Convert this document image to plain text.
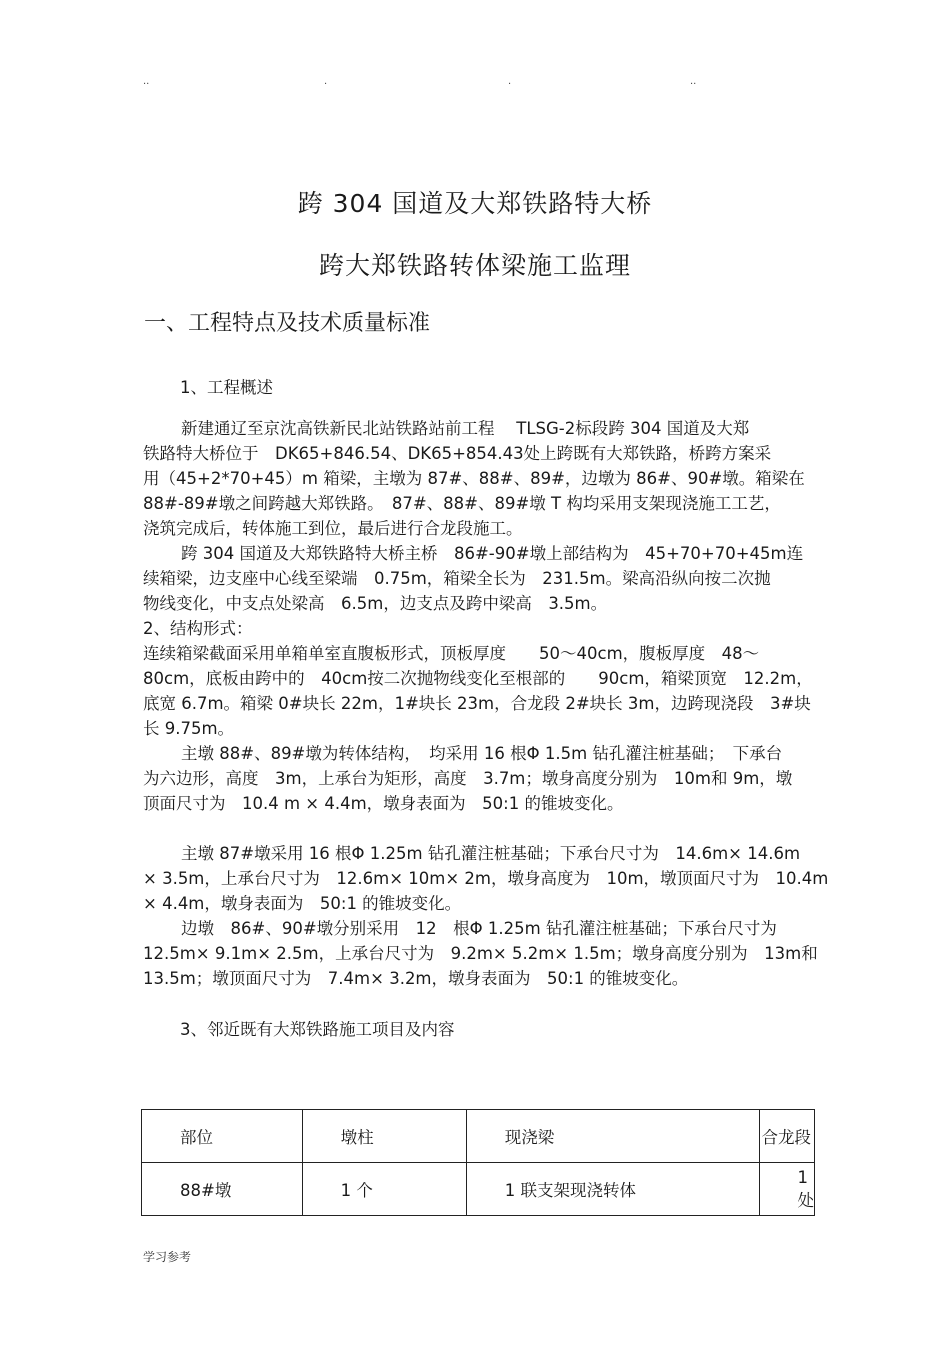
..	.	.	..
跨 304 国道及大郑铁路特大桥
跨大郑铁路转体梁施工监理
一、工程特点及技术质量标准
1、工程概述

新建通辽至京沈高铁新民北站铁路站前工程　 TLSG-2标段跨 304 国道及大郑
铁路特大桥位于　DK65+846.54、DK65+854.43处上跨既有大郑铁路，桥跨方案采
用（45+2*70+45）m 箱梁，主墩为 87#、88#、89#，边墩为 86#、90#墩。箱梁在
88#-89#墩之间跨越大郑铁路。　87#、88#、89#墩 T 构均采用支架现浇施工工艺，
浇筑完成后，转体施工到位，最后进行合龙段施工。

跨 304 国道及大郑铁路特大桥主桥　86#-90#墩上部结构为　45+70+70+45m连
续箱梁，边支座中心线至梁端　0.75m，箱梁全长为　231.5m。梁高沿纵向按二次抛
物线变化，中支点处梁高　6.5m，边支点及跨中梁高　3.5m。

2、结构形式：

连续箱梁截面采用单箱单室直腹板形式，顶板厚度　　50～40cm，腹板厚度　48～
80cm，底板由跨中的　40cm按二次抛物线变化至根部的　　90cm，箱梁顶宽　12.2m，
底宽 6.7m。箱梁 0#块长 22m，1#块长 23m，合龙段 2#块长 3m，边跨现浇段　3#块
长 9.75m。

主墩 88#、89#墩为转体结构，　均采用 16 根Φ 1.5m 钻孔灌注桩基础；　下承台
为六边形，高度　3m，上承台为矩形，高度　3.7m；墩身高度分别为　10m和 9m，墩
顶面尺寸为　10.4 m × 4.4m，墩身表面为　50:1 的锥坡变化。

主墩 87#墩采用 16 根Φ 1.25m 钻孔灌注桩基础；下承台尺寸为　14.6m× 14.6m
× 3.5m，上承台尺寸为　12.6m× 10m× 2m，墩身高度为　10m，墩顶面尺寸为　10.4m
× 4.4m，墩身表面为　50:1 的锥坡变化。

边墩　86#、90#墩分别采用　12　根Φ 1.25m 钻孔灌注桩基础；下承台尺寸为
12.5m× 9.1m× 2.5m，上承台尺寸为　9.2m× 5.2m× 1.5m；墩身高度分别为　13m和
13.5m；墩顶面尺寸为　7.4m× 3.2m，墩身表面为　50:1 的锥坡变化。

3、邻近既有大郑铁路施工项目及内容
部位	墩柱	现浇梁	合龙段
88#墩	1 个	1 联支架现浇转体	1 处
学习参考
